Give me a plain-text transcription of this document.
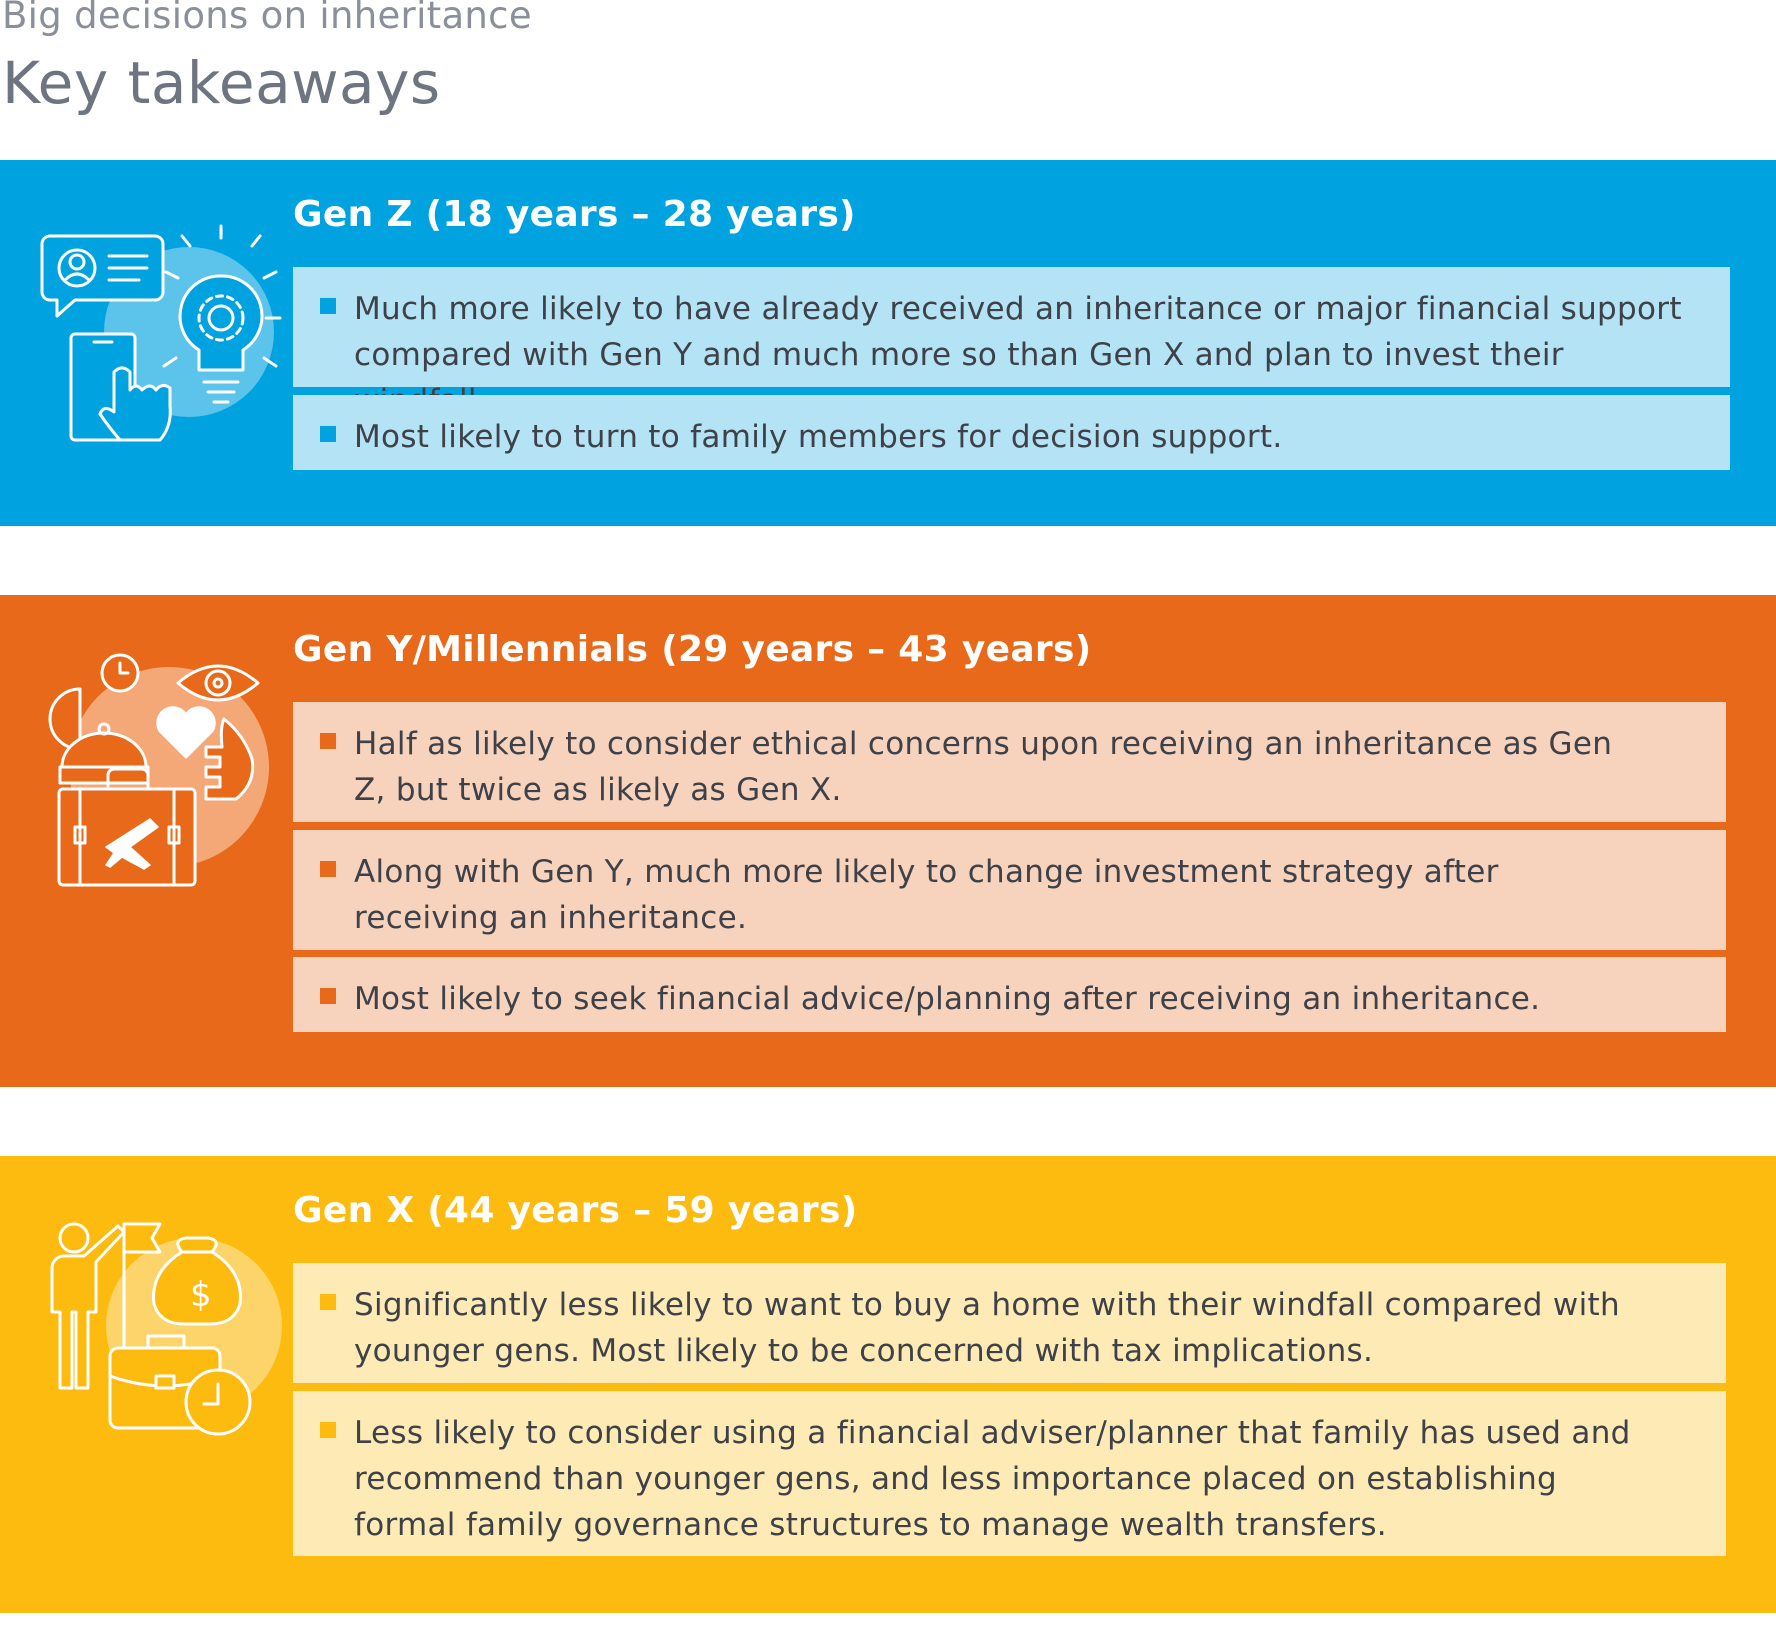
Big decisions on inheritance
Key takeaways
Gen Z (18 years – 28 years)
Much more likely to have already received an inheritance or major financial support compared with Gen Y and much more so than Gen X and plan to invest their
Most likely to turn to family members for decision support.
Gen Y/Millennials (29 years – 43 years)
Half as likely to consider ethical concerns upon receiving an inheritance as Gen Z, but twice as likely as Gen X.
Along with Gen Y, much more likely to change investment strategy after receiving an inheritance.
Most likely to seek financial advice/planning after receiving an inheritance.
$
Gen X (44 years – 59 years)
Significantly less likely to want to buy a home with their windfall compared with younger gens. Most likely to be concerned with tax implications.
Less likely to consider using a financial adviser/planner that family has used and recommend than younger gens, and less importance placed on establishing formal family governance structures to manage wealth transfers.
